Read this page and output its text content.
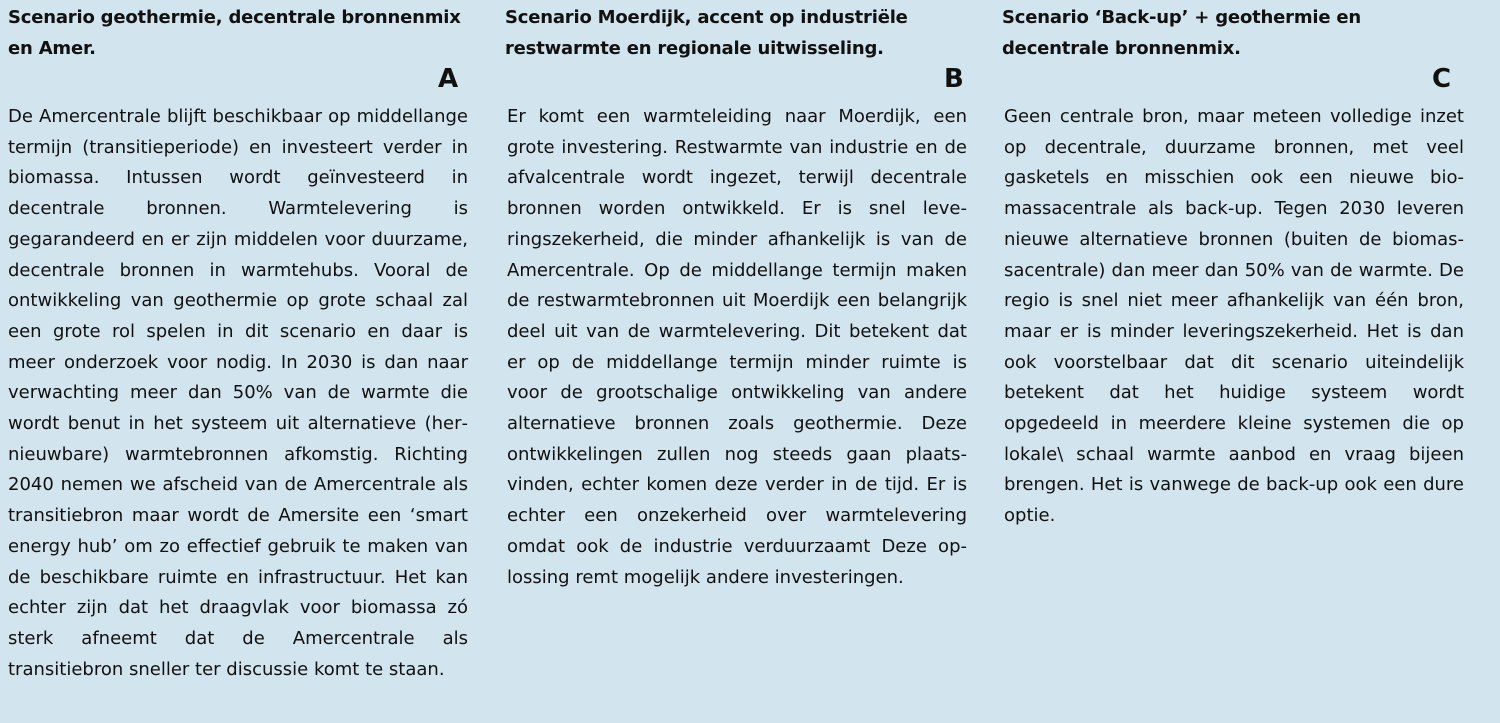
Scenario geothermie, decentrale bronnenmix
en Amer.
A

De Amercentrale blijft beschikbaar op middellange termijn (transitieperiode) en investeert verder in biomassa. Intussen wordt geïnvesteerd in decentrale bronnen. Warmtelevering is gegarandeerd en er zijn middelen voor duurzame, decentrale bronnen in warmtehubs. Vooral de ontwikkeling van geothermie op grote schaal zal een grote rol spelen in dit scenario en daar is meer onderzoek voor nodig. In 2030 is dan naar verwachting meer dan 50% van de warmte die wordt benut in het systeem uit alternatieve (hernieuwbare) warmtebronnen afkomstig. Richting 2040 nemen we afscheid van de Amercentrale als transitiebron maar wordt de Amersite een ‘smart energy hub’ om zo effectief gebruik te maken van de beschikbare ruimte en infrastructuur. Het kan echter zijn dat het draagvlak voor biomassa zó sterk afneemt dat de Amercentrale als transitiebron sneller ter discussie komt te staan.

Scenario Moerdijk, accent op industriële
restwarmte en regionale uitwisseling.
B

Er komt een warmteleiding naar Moerdijk, een grote investering. Restwarmte van industrie en de afvalcentrale wordt ingezet, terwijl decentrale bronnen worden ontwikkeld. Er is snel leveringszekerheid, die minder afhankelijk is van de Amercentrale. Op de middellange termijn maken de restwarmtebronnen uit Moerdijk een belangrijk deel uit van de warmtelevering. Dit betekent dat er op de middellange termijn minder ruimte is voor de grootschalige ontwikkeling van andere alternatieve bronnen zoals geothermie. Deze ontwikkelingen zullen nog steeds gaan plaatsvinden, echter komen deze verder in de tijd. Er is echter een onzekerheid over warmtelevering omdat ook de industrie verduurzaamt Deze oplossing remt mogelijk andere investeringen.

Scenario ‘Back-up’ + geothermie en
decentrale bronnenmix.
C

Geen centrale bron, maar meteen volledige inzet op decentrale, duurzame bronnen, met veel gasketels en misschien ook een nieuwe biomassacentrale als back-up. Tegen 2030 leveren nieuwe alternatieve bronnen (buiten de biomassacentrale) dan meer dan 50% van de warmte. De regio is snel niet meer afhankelijk van één bron, maar er is minder leveringszekerheid. Het is dan ook voorstelbaar dat dit scenario uiteindelijk betekent dat het huidige systeem wordt opgedeeld in meerdere kleine systemen die op lokale\ schaal warmte aanbod en vraag bijeen brengen. Het is vanwege de back-up ook een dure optie.
